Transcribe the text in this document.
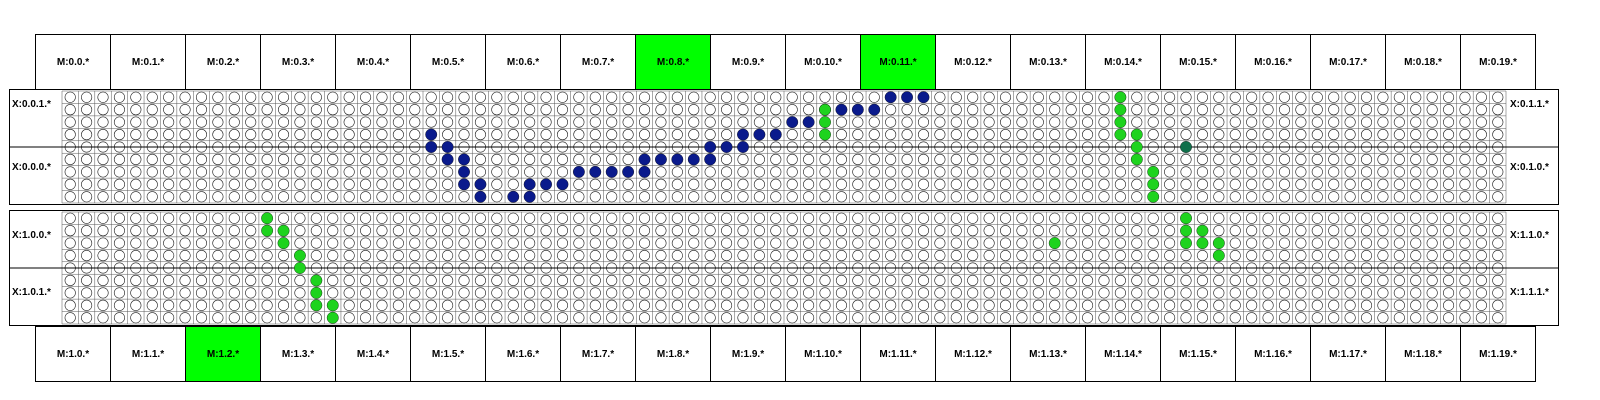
M:0.0.*	M:0.1.*	M:0.2.*	M:0.3.*	M:0.4.*	M:0.5.*	M:0.6.*	M:0.7.*	M:0.8.*	M:0.9.*	M:0.10.*	M:0.11.*	M:0.12.*	M:0.13.*	M:0.14.*	M:0.15.*	M:0.16.*	M:0.17.*	M:0.18.*	M:0.19.*
X:0.0.1.*
X:0.0.0.*
X:0.1.1.*
X:0.1.0.*
X:1.0.0.*
X:1.0.1.*
X:1.1.0.*
X:1.1.1.*
M:1.0.*	M:1.1.*	M:1.2.*	M:1.3.*	M:1.4.*	M:1.5.*	M:1.6.*	M:1.7.*	M:1.8.*	M:1.9.*	M:1.10.*	M:1.11.*	M:1.12.*	M:1.13.*	M:1.14.*	M:1.15.*	M:1.16.*	M:1.17.*	M:1.18.*	M:1.19.*
